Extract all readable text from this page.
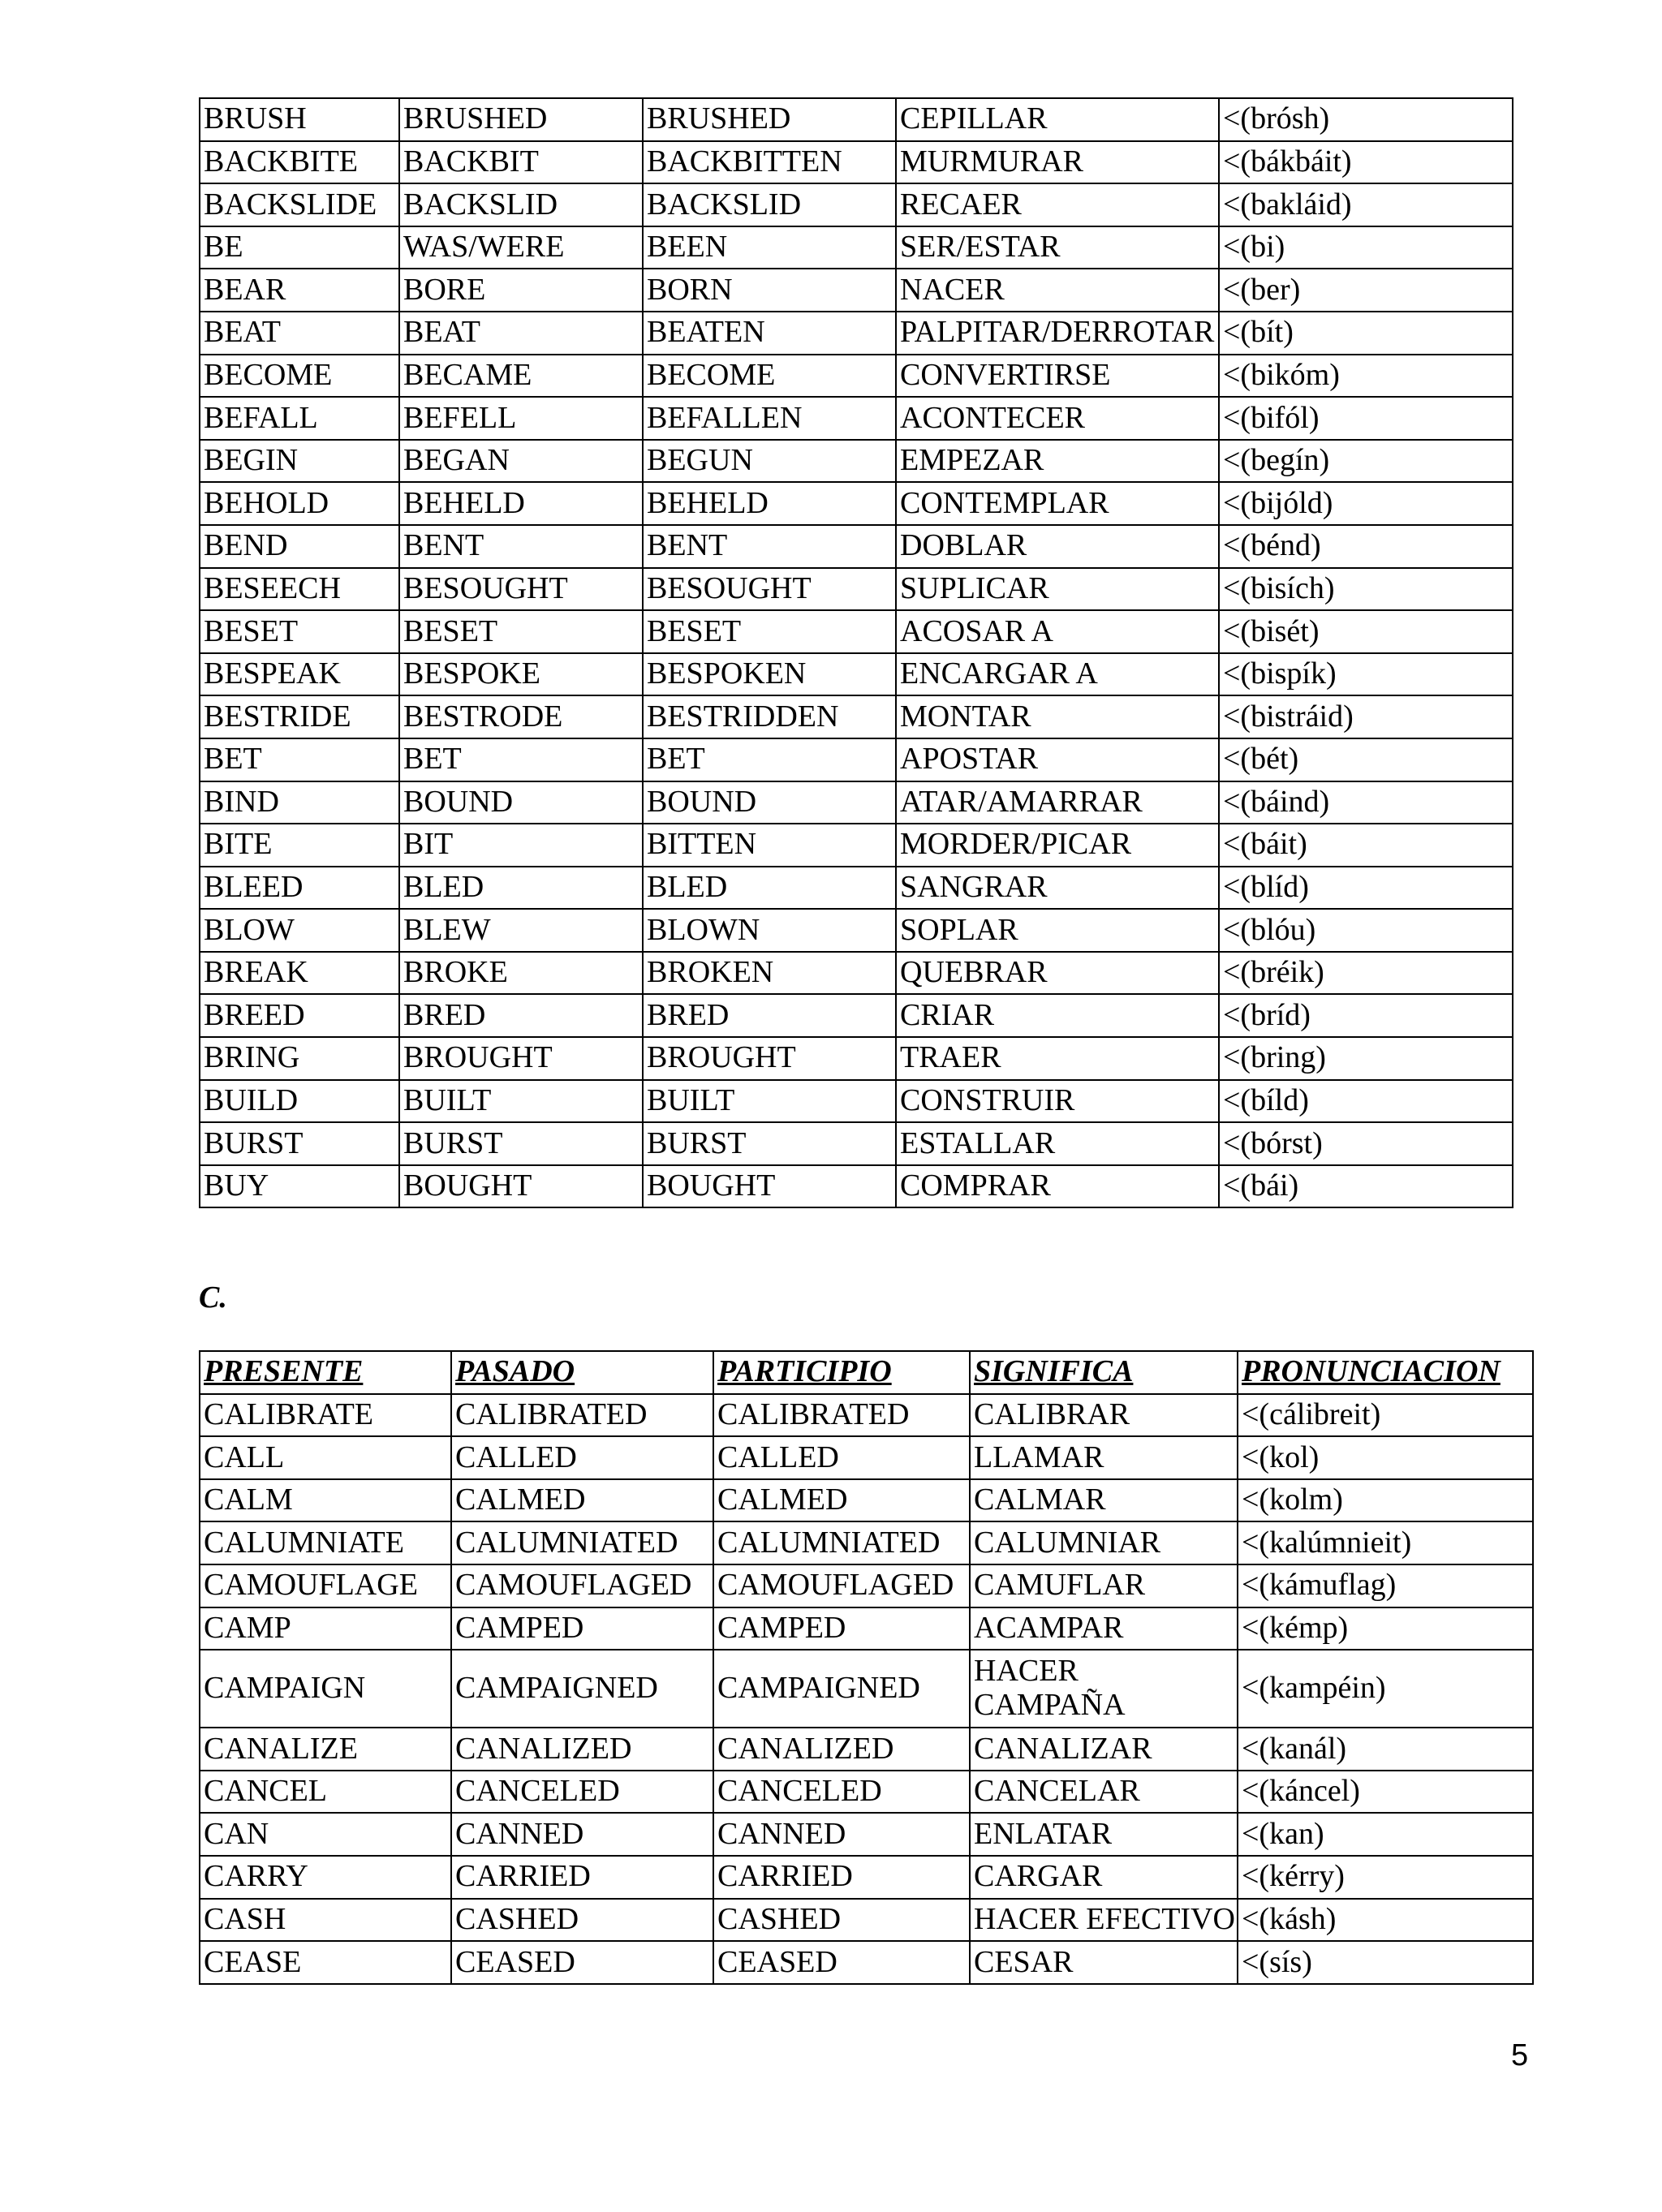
BRUSH	BRUSHED	BRUSHED	CEPILLAR	<(brósh)
BACKBITE	BACKBIT	BACKBITTEN	MURMURAR	<(bákbáit)
BACKSLIDE	BACKSLID	BACKSLID	RECAER	<(bakláid)
BE	WAS/WERE	BEEN	SER/ESTAR	<(bi)
BEAR	BORE	BORN	NACER	<(ber)
BEAT	BEAT	BEATEN	PALPITAR/DERROTAR	<(bít)
BECOME	BECAME	BECOME	CONVERTIRSE	<(bikóm)
BEFALL	BEFELL	BEFALLEN	ACONTECER	<(bifól)
BEGIN	BEGAN	BEGUN	EMPEZAR	<(begín)
BEHOLD	BEHELD	BEHELD	CONTEMPLAR	<(bijóld)
BEND	BENT	BENT	DOBLAR	<(bénd)
BESEECH	BESOUGHT	BESOUGHT	SUPLICAR	<(bisích)
BESET	BESET	BESET	ACOSAR A	<(bisét)
BESPEAK	BESPOKE	BESPOKEN	ENCARGAR A	<(bispík)
BESTRIDE	BESTRODE	BESTRIDDEN	MONTAR	<(bistráid)
BET	BET	BET	APOSTAR	<(bét)
BIND	BOUND	BOUND	ATAR/AMARRAR	<(báind)
BITE	BIT	BITTEN	MORDER/PICAR	<(báit)
BLEED	BLED	BLED	SANGRAR	<(blíd)
BLOW	BLEW	BLOWN	SOPLAR	<(blóu)
BREAK	BROKE	BROKEN	QUEBRAR	<(bréik)
BREED	BRED	BRED	CRIAR	<(bríd)
BRING	BROUGHT	BROUGHT	TRAER	<(bring)
BUILD	BUILT	BUILT	CONSTRUIR	<(bíld)
BURST	BURST	BURST	ESTALLAR	<(bórst)
BUY	BOUGHT	BOUGHT	COMPRAR	<(bái)

C.

PRESENTE	PASADO	PARTICIPIO	SIGNIFICA	PRONUNCIACION
CALIBRATE	CALIBRATED	CALIBRATED	CALIBRAR	<(cálibreit)
CALL	CALLED	CALLED	LLAMAR	<(kol)
CALM	CALMED	CALMED	CALMAR	<(kolm)
CALUMNIATE	CALUMNIATED	CALUMNIATED	CALUMNIAR	<(kalúmnieit)
CAMOUFLAGE	CAMOUFLAGED	CAMOUFLAGED	CAMUFLAR	<(kámuflag)
CAMP	CAMPED	CAMPED	ACAMPAR	<(kémp)
CAMPAIGN	CAMPAIGNED	CAMPAIGNED	HACER CAMPAÑA	<(kampéin)
CANALIZE	CANALIZED	CANALIZED	CANALIZAR	<(kanál)
CANCEL	CANCELED	CANCELED	CANCELAR	<(káncel)
CAN	CANNED	CANNED	ENLATAR	<(kan)
CARRY	CARRIED	CARRIED	CARGAR	<(kérry)
CASH	CASHED	CASHED	HACER EFECTIVO	<(kásh)
CEASE	CEASED	CEASED	CESAR	<(sís)
5
